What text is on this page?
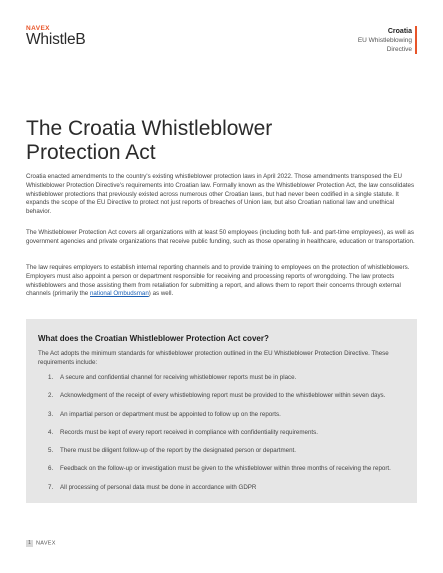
NAVEX
WhistleB	Croatia
EU Whistleblowing
Directive
The Croatia Whistleblower Protection Act

Croatia enacted amendments to the country's existing whistleblower protection laws in April 2022. Those amendments transposed the EU Whistleblower Protection Directive's requirements into Croatian law. Formally known as the Whistleblower Protection Act, the law consolidates whistleblower protections that previously existed across numerous other Croatian laws, but had never been codified in a single statute. It expands the scope of the EU Directive to protect not just reports of breaches of Union law, but also Croatian national law and unethical behavior.

The Whistleblower Protection Act covers all organizations with at least 50 employees (including both full- and part-time employees), as well as government agencies and private organizations that receive public funding, such as those operating in healthcare, education or transportation.

The law requires employers to establish internal reporting channels and to provide training to employees on the protection of whistleblowers. Employers must also appoint a person or department responsible for receiving and processing reports of wrongdoing. The law protects whistleblowers and those assisting them from retaliation for submitting a report, and allows them to report their concerns through external channels (primarily the national Ombudsman) as well.

What does the Croatian Whistleblower Protection Act cover?
The Act adopts the minimum standards for whistleblower protection outlined in the EU Whistleblower Protection Directive. These requirements include:
1. A secure and confidential channel for receiving whistleblower reports must be in place.
2. Acknowledgment of the receipt of every whistleblowing report must be provided to the whistleblower within seven days.
3. An impartial person or department must be appointed to follow up on the reports.
4. Records must be kept of every report received in compliance with confidentiality requirements.
5. There must be diligent follow-up of the report by the designated person or department.
6. Feedback on the follow-up or investigation must be given to the whistleblower within three months of receiving the report.
7. All processing of personal data must be done in accordance with GDPR
1 NAVEX
